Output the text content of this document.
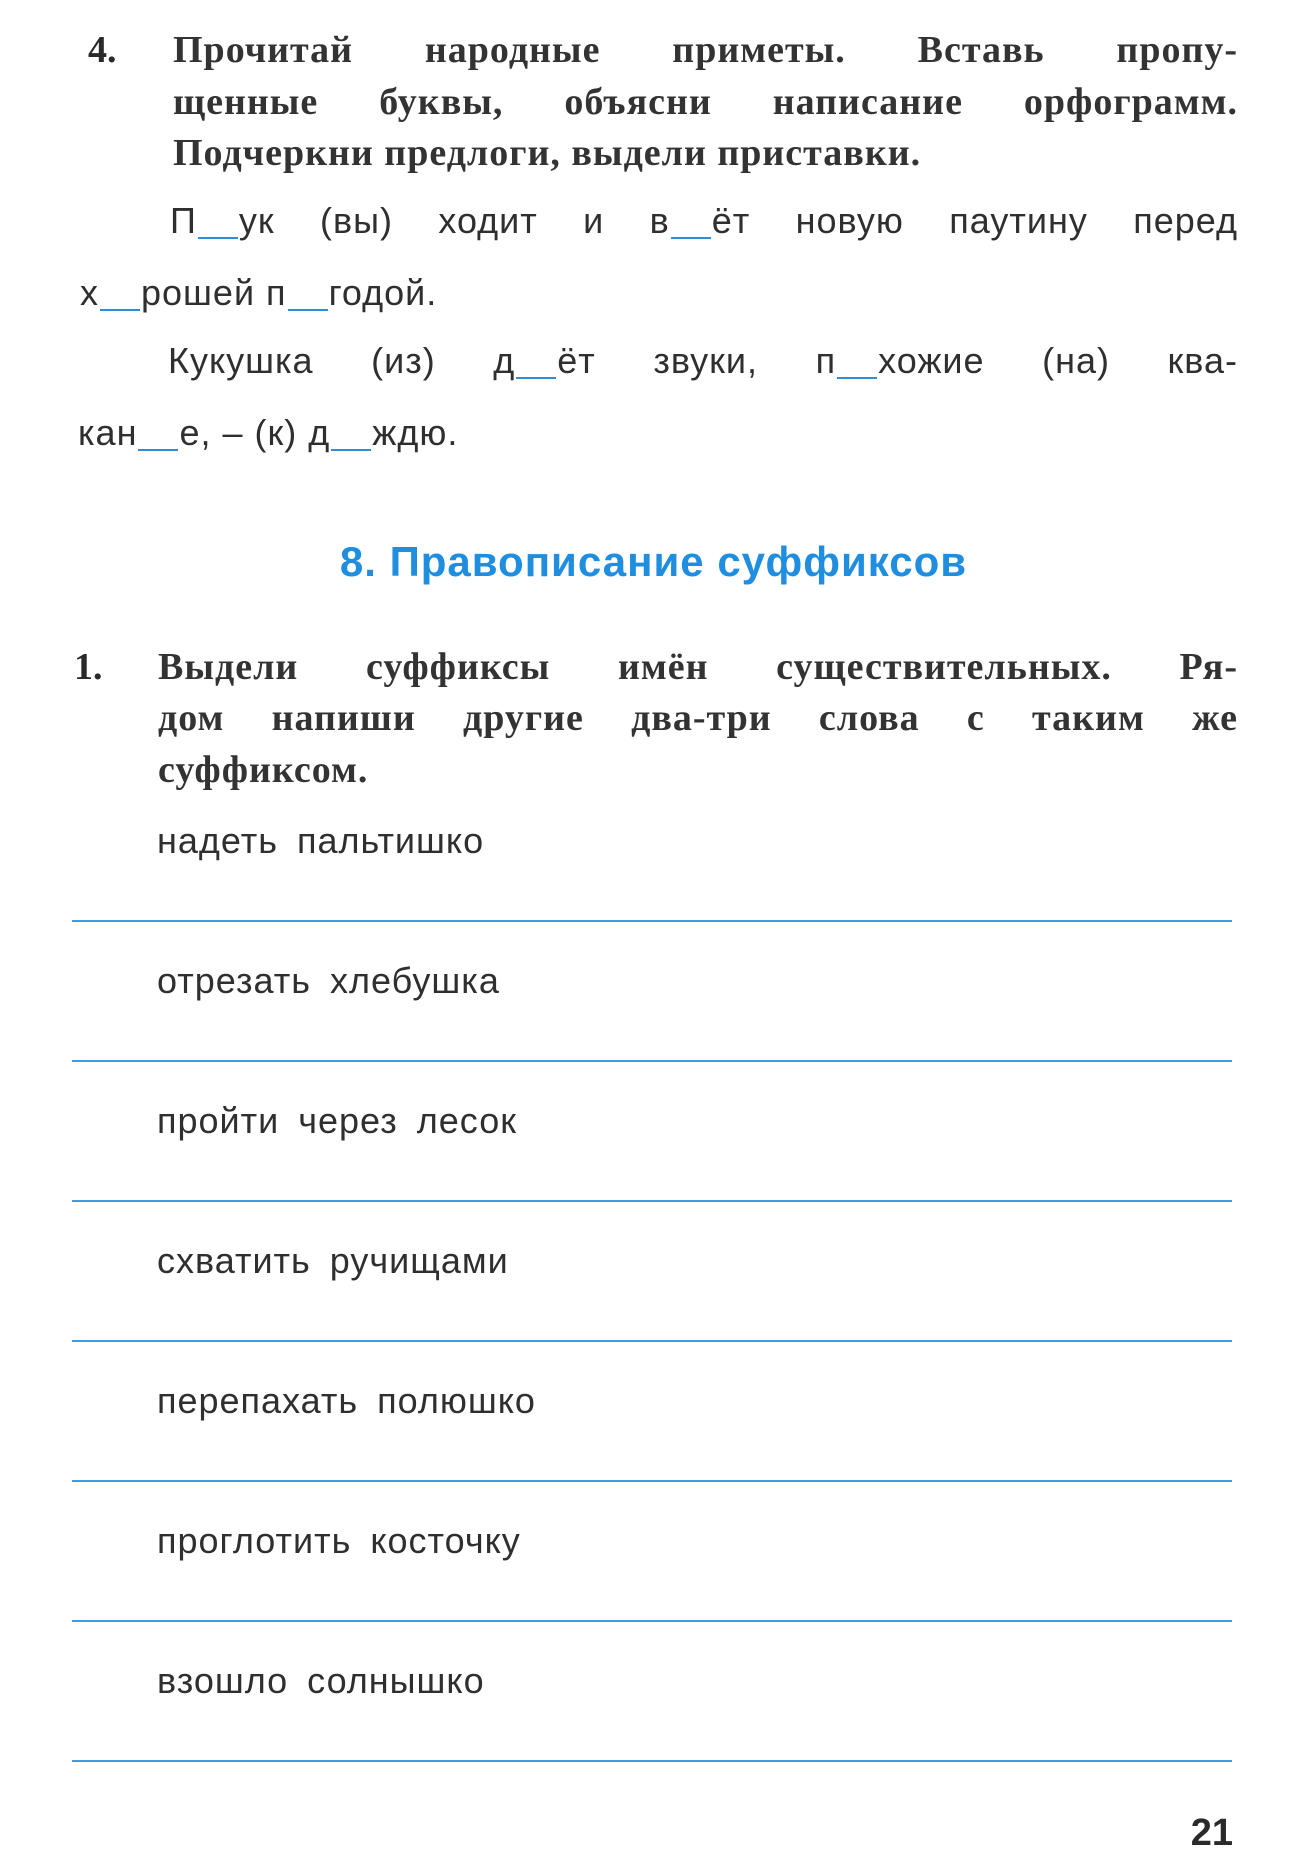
4. Прочитай народные приметы. Вставь пропу-
щенные буквы, объясни написание орфограмм.
Подчеркни предлоги, выдели приставки.
П ук (вы) ходит и в ёт новую паутину перед
х рошей п годой.
Кукушка (из) д ёт звуки, п хожие (на) ква-
кан е, – (к) д ждю.
8. Правописание суффиксов
1. Выдели суффиксы имён существительных. Ря-
дом напиши другие два-три слова с таким же
суффиксом.
надеть пальтишко
отрезать хлебушка
пройти через лесок
схватить ручищами
перепахать полюшко
проглотить косточку
взошло солнышко
21
